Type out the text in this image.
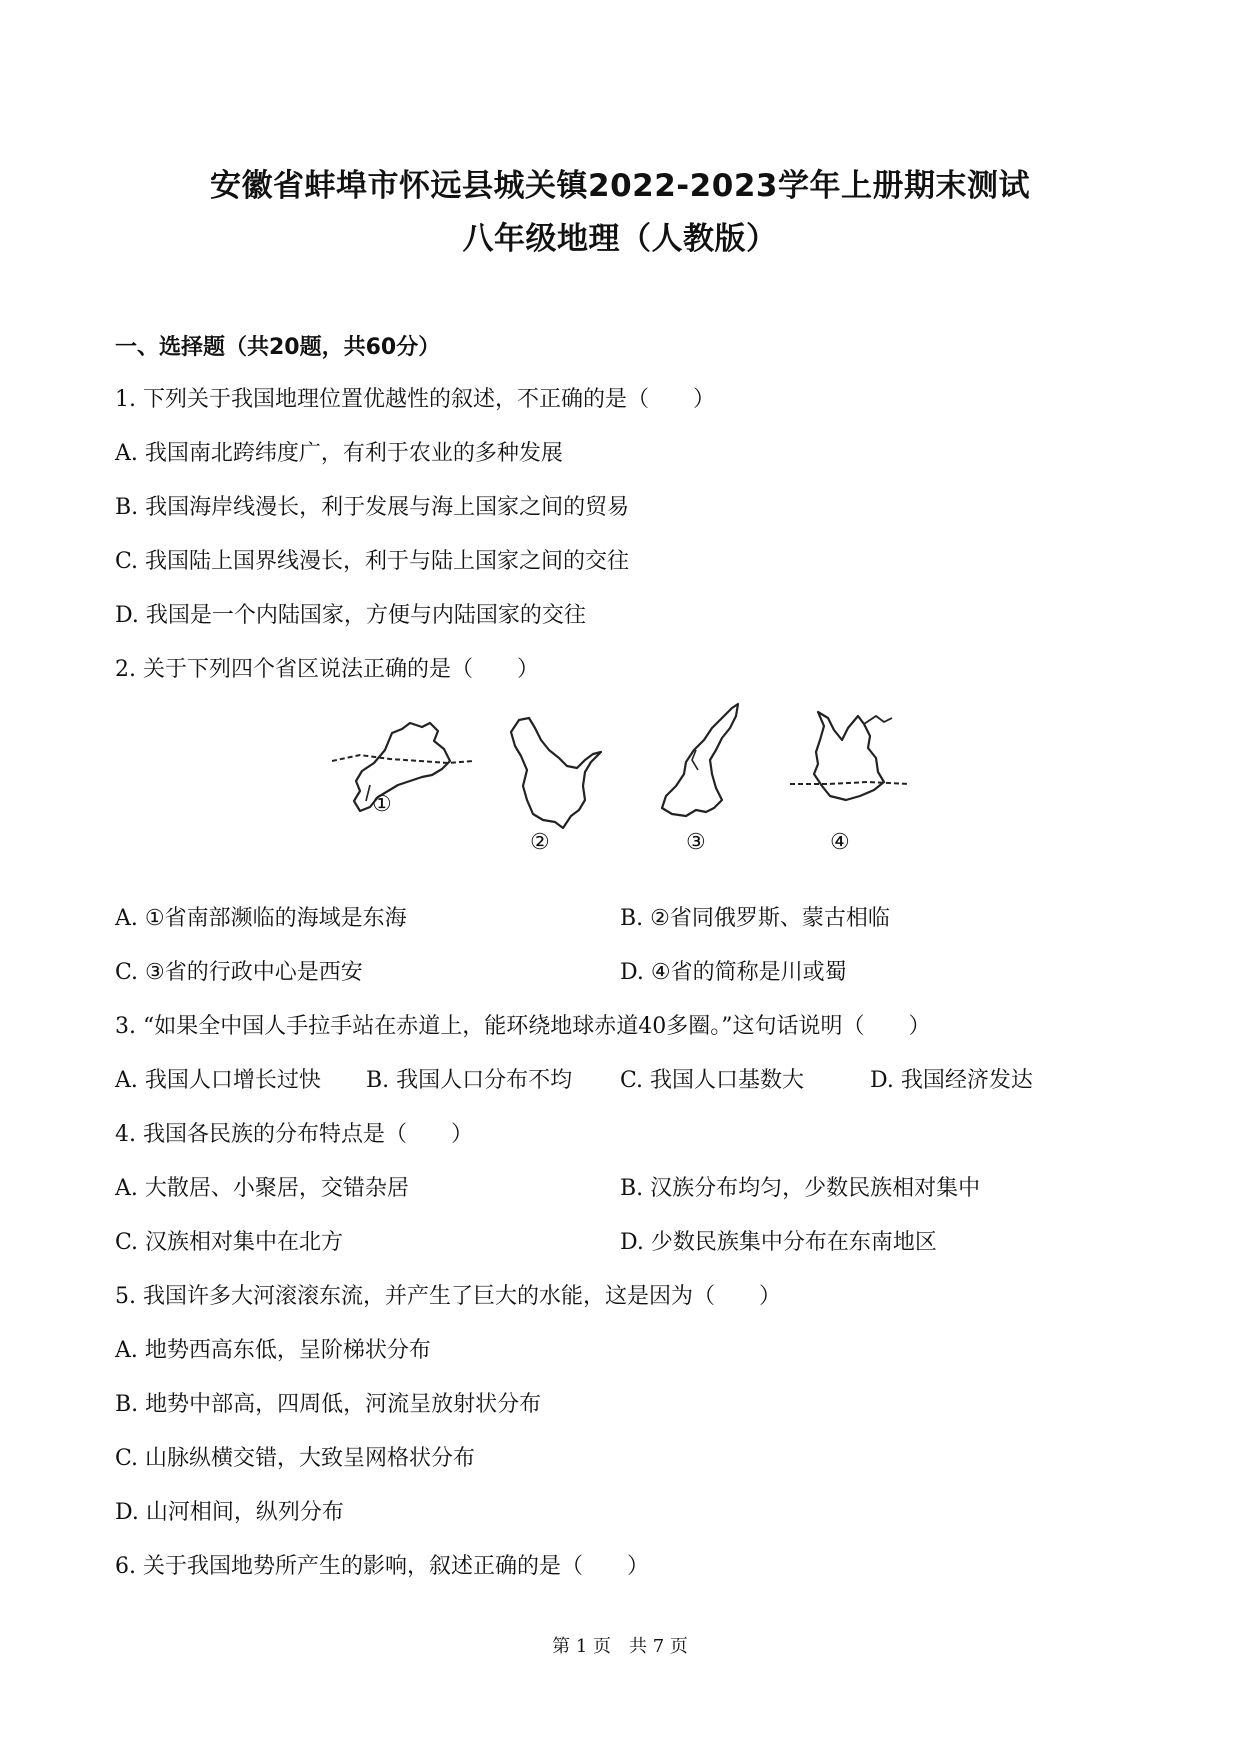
安徽省蚌埠市怀远县城关镇2022-2023学年上册期末测试
八年级地理（人教版）
一、选择题（共20题，共60分）
1. 下列关于我国地理位置优越性的叙述，不正确的是（　　）
A. 我国南北跨纬度广，有利于农业的多种发展
B. 我国海岸线漫长，利于发展与海上国家之间的贸易
C. 我国陆上国界线漫长，利于与陆上国家之间的交往
D. 我国是一个内陆国家，方便与内陆国家的交往
2. 关于下列四个省区说法正确的是（　　）
①
②	③	④
A. ①省南部濒临的海域是东海	B. ②省同俄罗斯、蒙古相临
C. ③省的行政中心是西安	D. ④省的简称是川或蜀
3. “如果全中国人手拉手站在赤道上，能环绕地球赤道40多圈。”这句话说明（　　）
A. 我国人口增长过快 B. 我国人口分布不均 C. 我国人口基数大	D. 我国经济发达
4. 我国各民族的分布特点是（　　）
A. 大散居、小聚居，交错杂居	B. 汉族分布均匀，少数民族相对集中
C. 汉族相对集中在北方	D. 少数民族集中分布在东南地区
5. 我国许多大河滚滚东流，并产生了巨大的水能，这是因为（　　）
A. 地势西高东低，呈阶梯状分布
B. 地势中部高，四周低，河流呈放射状分布
C. 山脉纵横交错，大致呈网格状分布
D. 山河相间，纵列分布
6. 关于我国地势所产生的影响，叙述正确的是（　　）
第 1 页　共 7 页
